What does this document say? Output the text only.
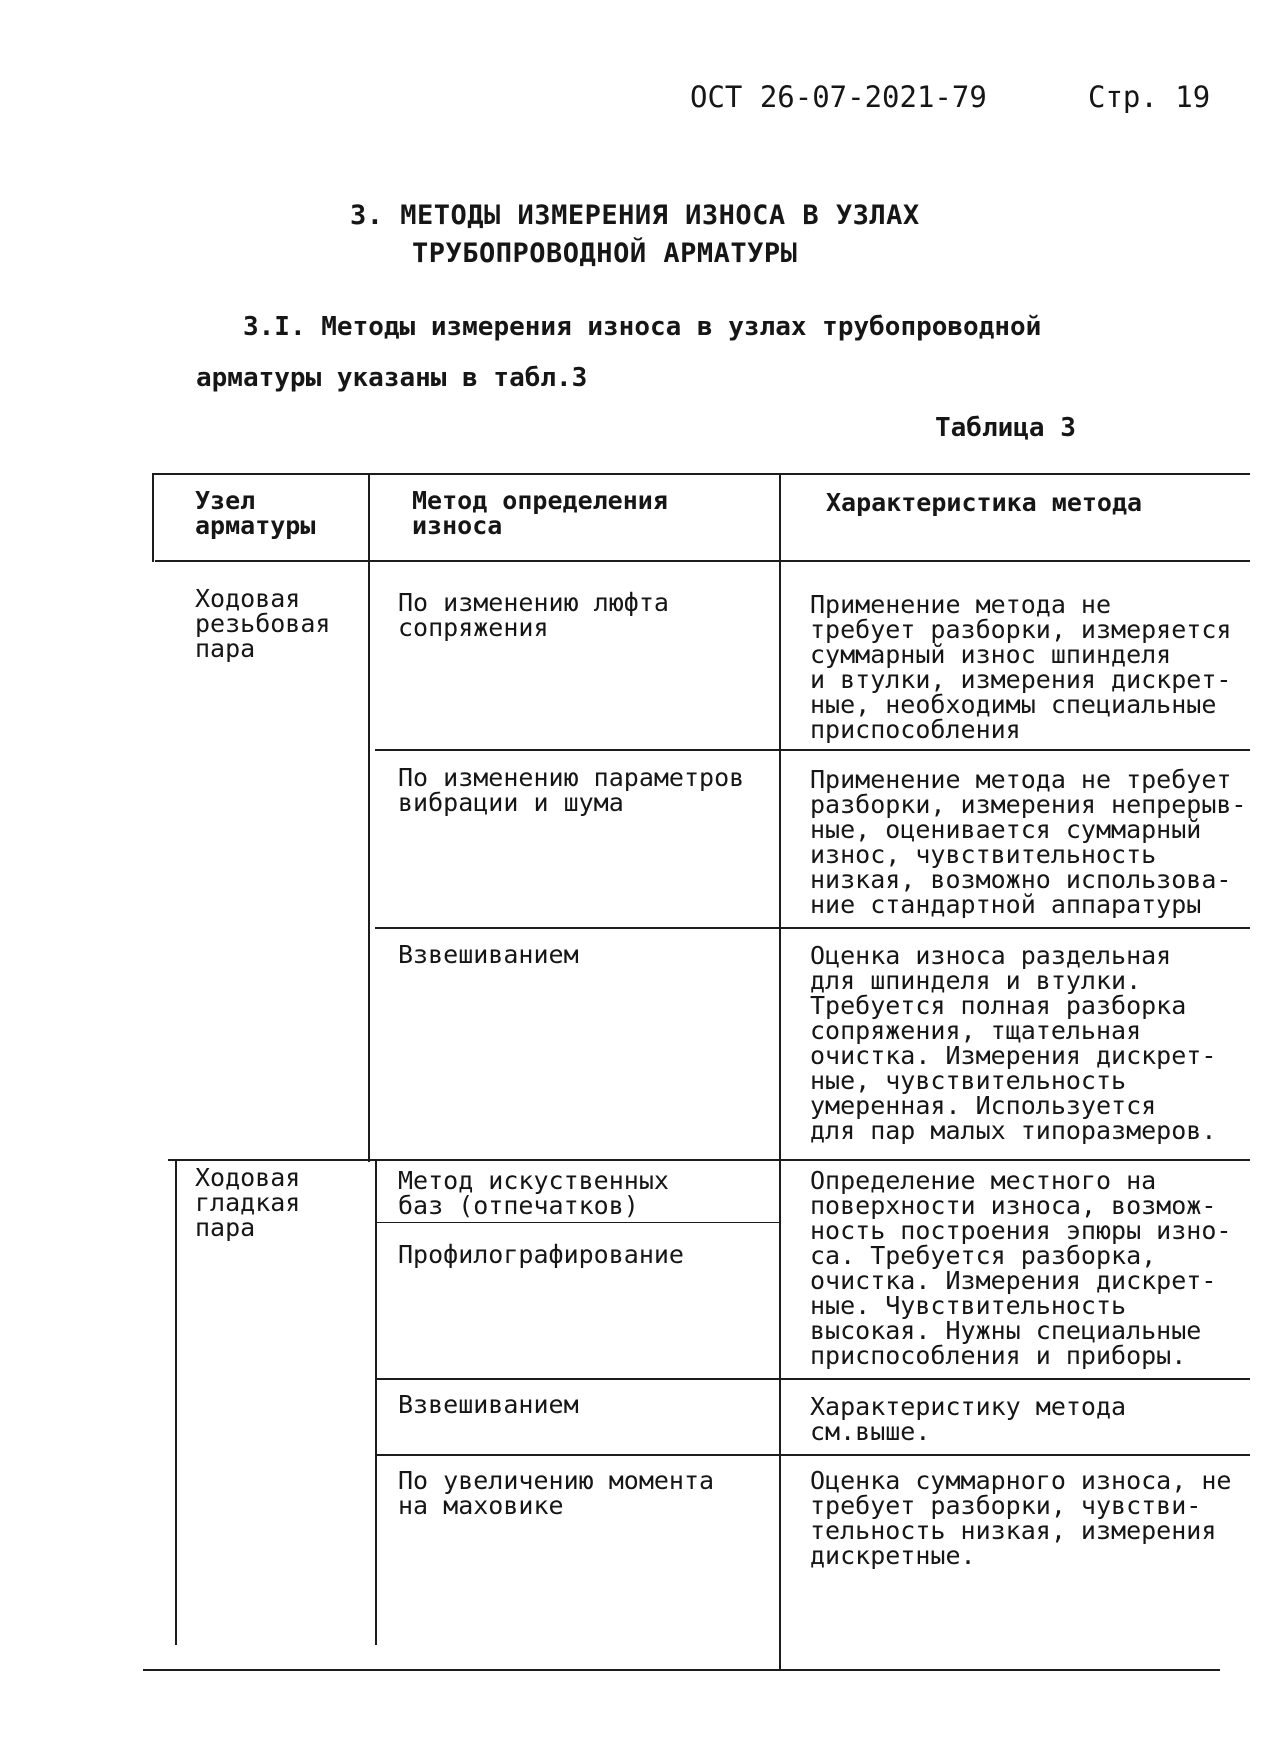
ОСТ 26-07-2021-79	Стр. 19
3. МЕТОДЫ ИЗМЕРЕНИЯ ИЗНОСА В УЗЛАХ
ТРУБОПРОВОДНОЙ АРМАТУРЫ
3.I. Методы измерения износа в узлах трубопроводной
арматуры указаны в табл.3
Таблица 3
Узел
арматуры
Метод определения
износа
Характеристика метода
Ходовая
резьбовая
пара
Ходовая
гладкая
пара
По изменению люфта
сопряжения
По изменению параметров
вибрации и шума
Взвешиванием
Метод искуственных
баз (отпечатков)
Профилографирование
Взвешиванием
По увеличению момента
на маховике
Применение метода не
требует разборки, измеряется
суммарный износ шпинделя
и втулки, измерения дискрет-
ные, необходимы специальные
приспособления
Применение метода не требует
разборки, измерения непрерыв-
ные, оценивается суммарный
износ, чувствительность
низкая, возможно использова-
ние стандартной аппаратуры
Оценка износа раздельная
для шпинделя и втулки.
Требуется полная разборка
сопряжения, тщательная
очистка. Измерения дискрет-
ные, чувствительность
умеренная. Используется
для пар малых типоразмеров.
Определение местного на
поверхности износа, возмож-
ность построения эпюры изно-
са. Требуется разборка,
очистка. Измерения дискрет-
ные. Чувствительность
высокая. Нужны специальные
приспособления и приборы.
Характеристику метода
см.выше.
Оценка суммарного износа, не
требует разборки, чувстви-
тельность низкая, измерения
дискретные.
